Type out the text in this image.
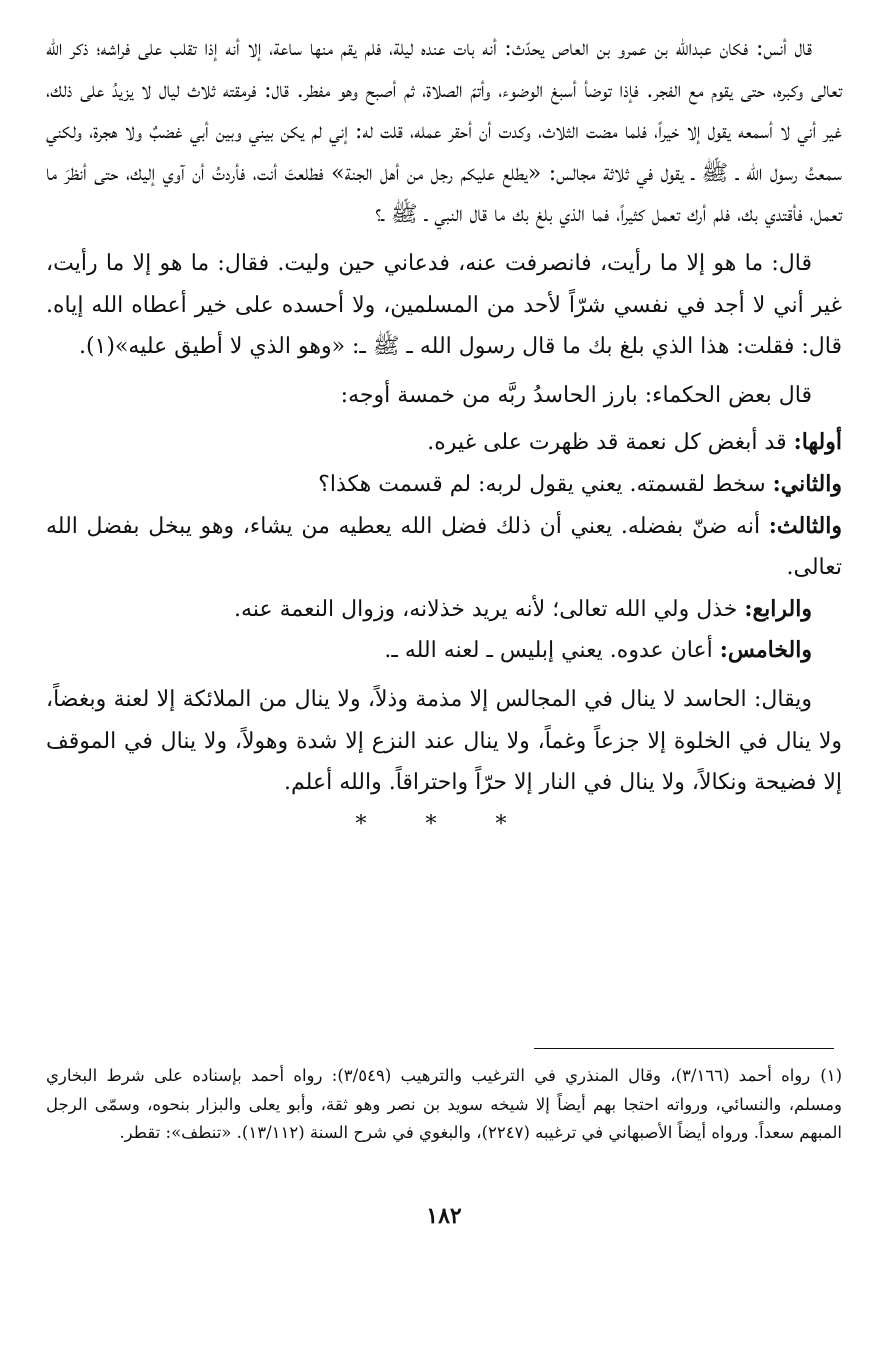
قال أنس: فكان عبدالله بن عمرو بن العاص يحدّث: أنه بات عنده ليلة، فلم يقم منها ساعة، إلا أنه إذا تقلب على فراشه؛ ذكر الله تعالى وكبره، حتى يقوم مع الفجر. فإذا توضأ أسبغ الوضوء، وأتمّ الصلاة، ثم أصبح وهو مفطر. قال: فرمقته ثلاث ليال لا يزيدُ على ذلك، غير أني لا أسمعه يقول إلا خيراً، فلما مضت الثلاث، وكدت أن أحقر عمله، قلت له: إني لم يكن بيني وبين أبي غضبٌ ولا هجرة، ولكني سمعتُ رسول الله ـ ﷺ ـ يقول في ثلاثة مجالس: «يطلع عليكم رجل من أهل الجنة» فطلعتَ أنت، فأردتُ أن آوي إليك، حتى أنظرَ ما تعمل، فأقتدي بك، فلم أرك تعمل كثيراً، فما الذي بلغ بك ما قال النبي ـ ﷺ ـ؟

قال: ما هو إلا ما رأيت، فانصرفت عنه، فدعاني حين وليت. فقال: ما هو إلا ما رأيت، غير أني لا أجد في نفسي شرّاً لأحد من المسلمين، ولا أحسده على خير أعطاه الله إياه. قال: فقلت: هذا الذي بلغ بك ما قال رسول الله ـ ﷺ ـ: «وهو الذي لا أطيق عليه»(١).

قال بعض الحكماء: بارز الحاسدُ ربَّه من خمسة أوجه:

أولها: قد أبغض كل نعمة قد ظهرت على غيره.

والثاني: سخط لقسمته. يعني يقول لربه: لم قسمت هكذا؟

والثالث: أنه ضنّ بفضله. يعني أن ذلك فضل الله يعطيه من يشاء، وهو يبخل بفضل الله تعالى.

والرابع: خذل ولي الله تعالى؛ لأنه يريد خذلانه، وزوال النعمة عنه.

والخامس: أعان عدوه. يعني إبليس ـ لعنه الله ـ.

ويقال: الحاسد لا ينال في المجالس إلا مذمة وذلاً، ولا ينال من الملائكة إلا لعنة وبغضاً، ولا ينال في الخلوة إلا جزعاً وغماً، ولا ينال عند النزع إلا شدة وهولاً، ولا ينال في الموقف إلا فضيحة ونكالاً، ولا ينال في النار إلا حرّاً واحتراقاً. والله أعلم.

* * *
(١)رواه أحمد (٣/١٦٦)، وقال المنذري في الترغيب والترهيب (٣/٥٤٩): رواه أحمد بإسناده على شرط البخاري ومسلم، والنسائي، ورواته احتجا بهم أيضاً إلا شيخه سويد بن نصر وهو ثقة، وأبو يعلى والبزار بنحوه، وسمّى الرجل المبهم سعداً. ورواه أيضاً الأصبهاني في ترغيبه (٢٢٤٧)، والبغوي في شرح السنة (١٣/١١٢). «تنطف»: تقطر.
١٨٢
